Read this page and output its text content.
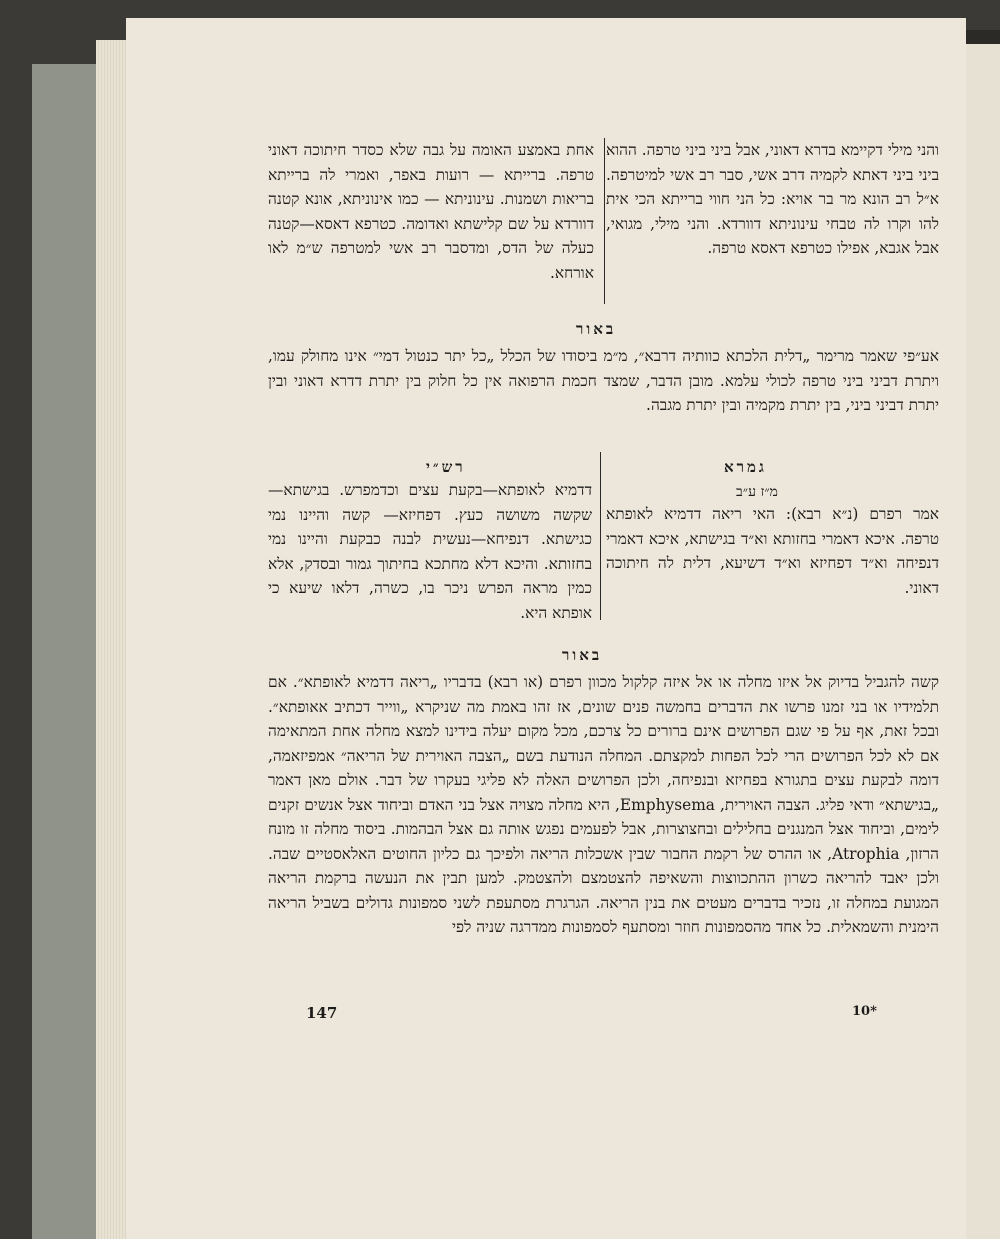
והני מילי דקיימא בדרא דאוני, אבל ביני ביני טרפה. ההוא ביני ביני דאתא לקמיה דרב אשי, סבר רב אשי למיטרפה. א״ל רב הונא מר בר אויא: כל הני חווי ברייתא הכי אית להו וקרו לה טבחי עינוניתא דוורדא. והני מילי, מגואי, אבל אגבא, אפילו כטרפא דאסא טרפה.

אחת באמצע האומה על גבה שלא כסדר חיתוכה דאוני טרפה. ברייתא — רועות באפר, ואמרי לה ברייתא בריאות ושמנות. עינוניתא — כמו אינוניתא, אונא קטנה דוורדא על שם קלישתא ואדומה. כטרפא דאסא—קטנה כעלה של הדס, ומדסבר רב אשי למטרפה ש״מ לאו אורחא.

באור

אע״פי שאמר מרימר „דלית הלכתא כוותיה דרבא״, מ״מ ביסודו של הכלל „כל יתר כנטול דמי״ אינו מחולק עמו, ויתרת דביני ביני טרפה לכולי עלמא. מובן הדבר, שמצד חכמת הרפואה אין כל חלוק בין יתרת דדרא דאוני ובין יתרת דביני ביני, בין יתרת מקמיה ובין יתרת מגבה.

גמרא
רש״י
מ״ז ע״ב

אמר רפרם (נ״א רבא): האי ריאה דדמיא לאופתא טרפה. איכא דאמרי בחזותא וא״ד בגישתא, איכא דאמרי דנפיחה וא״ד דפחיזא וא״ד דשיעא, דלית לה חיתוכה דאוני.

דדמיא לאופתא—בקעת עצים וכדמפרש. בגישתא—שקשה משושה כעץ. דפחיזא— קשה והיינו נמי כגישתא. דנפיחא—נעשית לבנה כבקעת והיינו נמי בחזותא. והיכא דלא מחתכא בחיתוך גמור ובסדק, אלא כמין מראה הפרש ניכר בו, כשרה, דלאו שיעא כי אופתא היא.

באור

קשה להגביל בדיוק אל איזו מחלה או אל איזה קלקול מכוון רפרם (או רבא) בדבריו „ריאה דדמיא לאופתא״. אם תלמידיו או בני זמנו פרשו את הדברים בחמשה פנים שונים, אז זהו באמת מה שניקרא „ווייר דכתיב אאופתא״. ובכל זאת, אף על פי שגם הפרושים אינם ברורים כל צרכם, מכל מקום יעלה בידינו למצא מחלה אחת המתאימה אם לא לכל הפרושים הרי לכל הפחות למקצתם. המחלה הנודעת בשם „הצבה האוירית של הריאה״ אמפיזאמה, דומה לבקעת עצים בתגורא בפחיזא ובנפיחה, ולכן הפרושים האלה לא פליגי בעקרו של דבר. אולם מאן דאמר „בגישתא״ ודאי פליג. הצבה האוירית, Emphysema, היא מחלה מצויה אצל בני האדם וביחוד אצל אנשים זקנים לימים, וביחוד אצל המנגנים בחלילים ובחצוצרות, אבל לפעמים נפגש אותה גם אצל הבהמות. ביסוד מחלה זו מונח הרזון, Atrophia, או ההרס של רקמת החבור שבין אשכלות הריאה ולפיכך גם כליון החוטים האלאסטיים שבה. ולכן יאבד להריאה כשרון ההתכווצות והשאיפה להצטמצם ולהצטמק. למען תבין את הנעשה ברקמת הריאה המגועת במחלה זו, נזכיר בדברים מעטים את בנין הריאה. הגרגרת מסתעפת לשני סמפונות גדולים בשביל הריאה הימנית והשמאלית. כל אחד מהסמפונות חוזר ומסתעף לסמפונות ממדרגה שניה לפי

147	10*
